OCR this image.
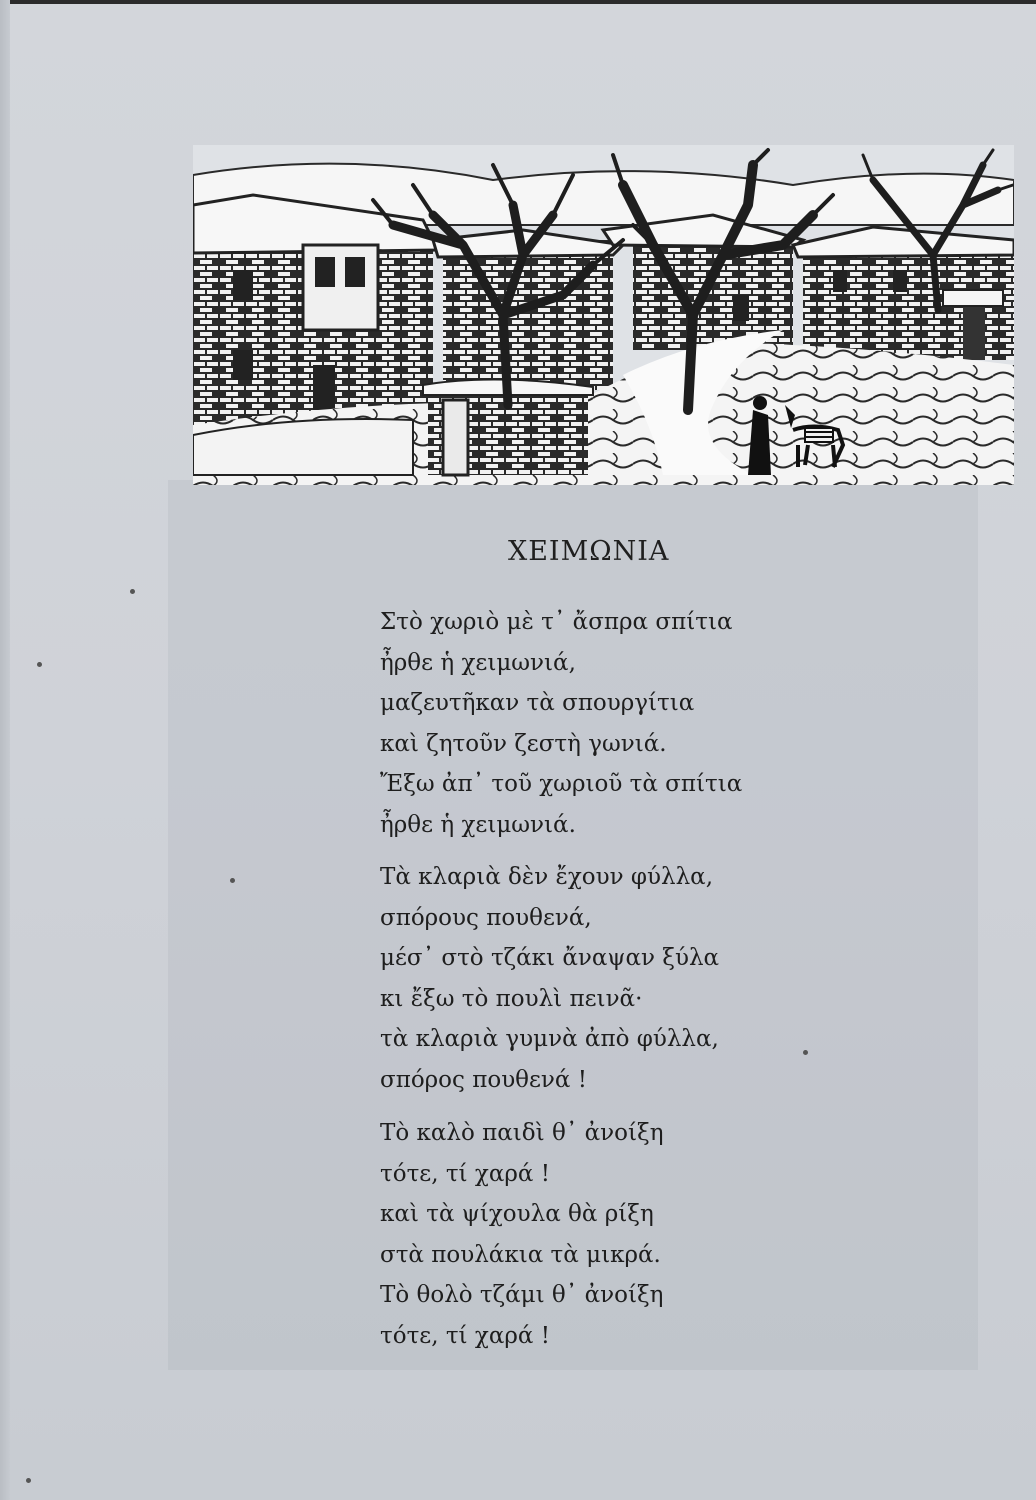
ΧΕΙΜΩΝΙΑ

Στὸ χωριὸ μὲ τ᾿ ἄσπρα σπίτια
ἦρθε ἡ χειμωνιά,
μαζευτῆκαν τὰ σπουργίτια
καὶ ζητοῦν ζεστὴ γωνιά.
Ἔξω ἀπ᾿ τοῦ χωριοῦ τὰ σπίτια
ἦρθε ἡ χειμωνιά.

Τὰ κλαριὰ δὲν ἔχουν φύλλα,
σπόρους πουθενά,
μέσ᾿ στὸ τζάκι ἄναψαν ξύλα
κι ἔξω τὸ πουλὶ πεινᾶ·
τὰ κλαριὰ γυμνὰ ἀπὸ φύλλα,
σπόρος πουθενά !

Τὸ καλὸ παιδὶ θ᾿ ἀνοίξη
τότε, τί χαρά !
καὶ τὰ ψίχουλα θὰ ρίξη
στὰ πουλάκια τὰ μικρά.
Τὸ θολὸ τζάμι θ᾿ ἀνοίξη
τότε, τί χαρά !
